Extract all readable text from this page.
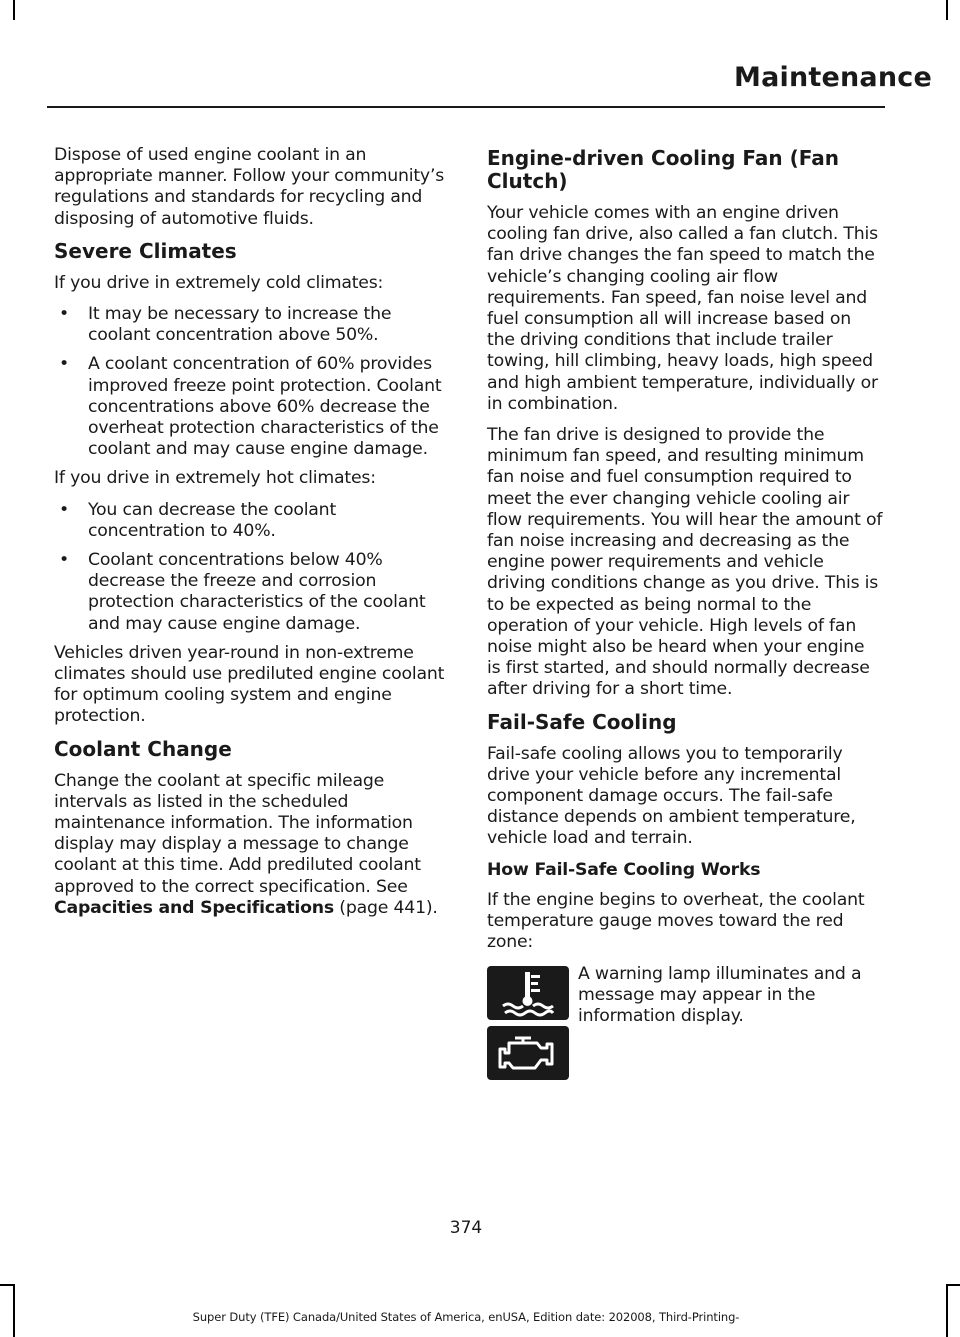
Maintenance

Dispose of used engine coolant in an appropriate manner. Follow your community’s regulations and standards for recycling and disposing of automotive fluids.

Severe Climates

If you drive in extremely cold climates:

• It may be necessary to increase the coolant concentration above 50%.
• A coolant concentration of 60% provides improved freeze point protection. Coolant concentrations above 60% decrease the overheat protection characteristics of the coolant and may cause engine damage.

If you drive in extremely hot climates:

• You can decrease the coolant concentration to 40%.
• Coolant concentrations below 40% decrease the freeze and corrosion protection characteristics of the coolant and may cause engine damage.

Vehicles driven year-round in non-extreme climates should use prediluted engine coolant for optimum cooling system and engine protection.

Coolant Change

Change the coolant at specific mileage intervals as listed in the scheduled maintenance information. The information display may display a message to change coolant at this time. Add prediluted coolant approved to the correct specification. See Capacities and Specifications (page 441).

Engine-driven Cooling Fan (Fan Clutch)

Your vehicle comes with an engine driven cooling fan drive, also called a fan clutch. This fan drive changes the fan speed to match the vehicle’s changing cooling air flow requirements. Fan speed, fan noise level and fuel consumption all will increase based on the driving conditions that include trailer towing, hill climbing, heavy loads, high speed and high ambient temperature, individually or in combination.

The fan drive is designed to provide the minimum fan speed, and resulting minimum fan noise and fuel consumption required to meet the ever changing vehicle cooling air flow requirements. You will hear the amount of fan noise increasing and decreasing as the engine power requirements and vehicle driving conditions change as you drive. This is to be expected as being normal to the operation of your vehicle. High levels of fan noise might also be heard when your engine is first started, and should normally decrease after driving for a short time.

Fail-Safe Cooling

Fail-safe cooling allows you to temporarily drive your vehicle before any incremental component damage occurs. The fail-safe distance depends on ambient temperature, vehicle load and terrain.

How Fail-Safe Cooling Works

If the engine begins to overheat, the coolant temperature gauge moves toward the red zone:

A warning lamp illuminates and a message may appear in the information display.

374
Super Duty (TFE) Canada/United States of America, enUSA, Edition date: 202008, Third-Printing-
